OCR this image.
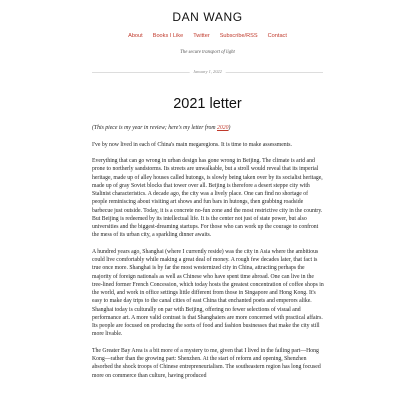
DAN WANG
About Books I Like Twitter Subscribe/RSS Contact
The secure transport of light
January 1, 2022
2021 letter

(This piece is my year in review; here's my letter from 2020)

I've by now lived in each of China's main megaregions. It is time to make assessments.

Everything that can go wrong in urban design has gone wrong in Beijing. The climate is arid and prone to northerly sandstorms. Its streets are unwalkable, but a stroll would reveal that its imperial heritage, made up of alley houses called hutongs, is slowly being taken over by its socialist heritage, made up of gray Soviet blocks that tower over all. Beijing is therefore a desert steppe city with Stalinist characteristics. A decade ago, the city was a lively place. One can find no shortage of people reminiscing about visiting art shows and fun bars in hutongs, then grabbing roadside barbecue just outside. Today, it is a concrete no-fun zone and the most restrictive city in the country. But Beijing is redeemed by its intellectual life. It is the center not just of state power, but also universities and the biggest-dreaming startups. For those who can work up the courage to confront the mess of its urban city, a sparkling dinner awaits.

A hundred years ago, Shanghai (where I currently reside) was the city in Asia where the ambitious could live comfortably while making a great deal of money. A rough few decades later, that fact is true once more. Shanghai is by far the most westernized city in China, attracting perhaps the majority of foreign nationals as well as Chinese who have spent time abroad. One can live in the tree-lined former French Concession, which today hosts the greatest concentration of coffee shops in the world, and work in office settings little different from those in Singapore and Hong Kong. It's easy to make day trips to the canal cities of east China that enchanted poets and emperors alike. Shanghai today is culturally on par with Beijing, offering no fewer selections of visual and performance art. A more valid contrast is that Shanghaiers are more concerned with practical affairs. Its people are focused on producing the sorts of food and fashion businesses that make the city still more livable.

The Greater Bay Area is a bit more of a mystery to me, given that I lived in the failing part—Hong Kong—rather than the growing part: Shenzhen. At the start of reform and opening, Shenzhen absorbed the shock troops of Chinese entrepreneurialism. The southeastern region has long focused more on commerce than culture, having produced
